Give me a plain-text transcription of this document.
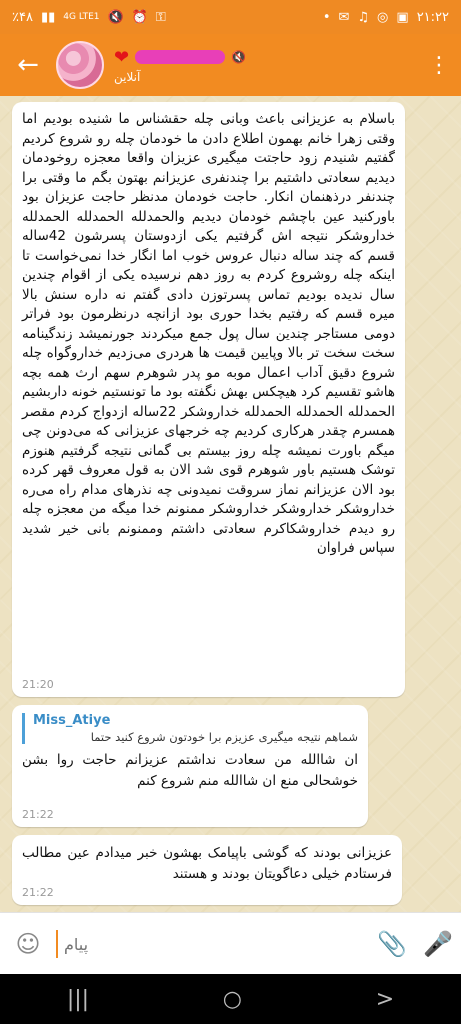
٪۴۸ ▮▮ 4G LTE1 🔇 ⏰ ⚿	• ✉ ♫ ◎ ▣ ۲۱:۲۲
←	❤	🔇
آنلاین	⋮
باسلام به عزیزانی باعث وبانی چله حقشناس ما شنیده بودیم اما وقتی زهرا خانم بهمون اطلاع دادن ما خودمان چله رو شروع کردیم گفتیم شنیدم زود حاجتت میگیری عزیزان واقعا معجزه روخودمان دیدیم سعادتی داشتیم برا چندنفری عزیزانم بهتون بگم ما وقتی برا چندنفر درذهنمان انکار. حاجت خودمان مدنظر حاجت عزیزان بود باورکنید عین باچشم خودمان دیدیم والحمدلله الحمدلله الحمدلله خداروشکر نتیجه اش گرفتیم یکی ازدوستان پسرشون 42ساله قسم که چند ساله دنبال عروس خوب اما انگار خدا نمی‌خواست تا اینکه چله روشروع کردم به روز دهم نرسیده یکی از اقوام چندین سال ندیده بودیم تماس پسرتوزن دادی گفتم نه داره سنش بالا میره قسم که رفتیم بخدا حوری بود ازانچه درنظرمون بود فراتر دومی مستاجر چندین سال پول جمع میکردند جورنمیشد زندگینامه سخت سخت تر بالا وپایین قیمت ها هردری می‌زدیم خداروگواه چله شروع دقیق آداب اعمال موبه مو پدر شوهرم سهم ارث همه بچه هاشو تقسیم کرد هیچکس بهش نگفته بود ما تونستیم خونه داربشیم الحمدلله الحمدلله الحمدلله خداروشکر 22ساله ازدواج کردم مقصر همسرم چقدر هرکاری کردیم چه خرجهای عزیزانی که می‌دونن چی میگم باورت نمیشه چله روز بیستم بی گمانی نتیجه گرفتیم هنوزم توشک هستیم باور شوهرم قوی شد الان به قول معروف قهر کرده بود الان عزیزانم نماز سروقت نمیدونی چه نذرهای مدام راه می‌ره خداروشکر خداروشکر خداروشکر ممنونم خدا میگه من معجزه چله رو دیدم خداروشکاکرم سعادتی داشتم وممنونم بانی خیر شدید سپاس فراوان
21:20
Miss_Atiye
شماهم نتیجه میگیری عزیزم برا خودتون شروع کنید حتما
ان شاالله من سعادت نداشتم عزیزانم حاجت روا بشن خوشحالی منع ان شاالله منم شروع کنم
21:22
عزیزانی بودند که گوشی باپیامک بهشون خبر میدادم عین مطالب فرستادم خیلی دعاگویتان بودند و هستند
21:22
☺
پیام	📎 🎤
|||	○	>
